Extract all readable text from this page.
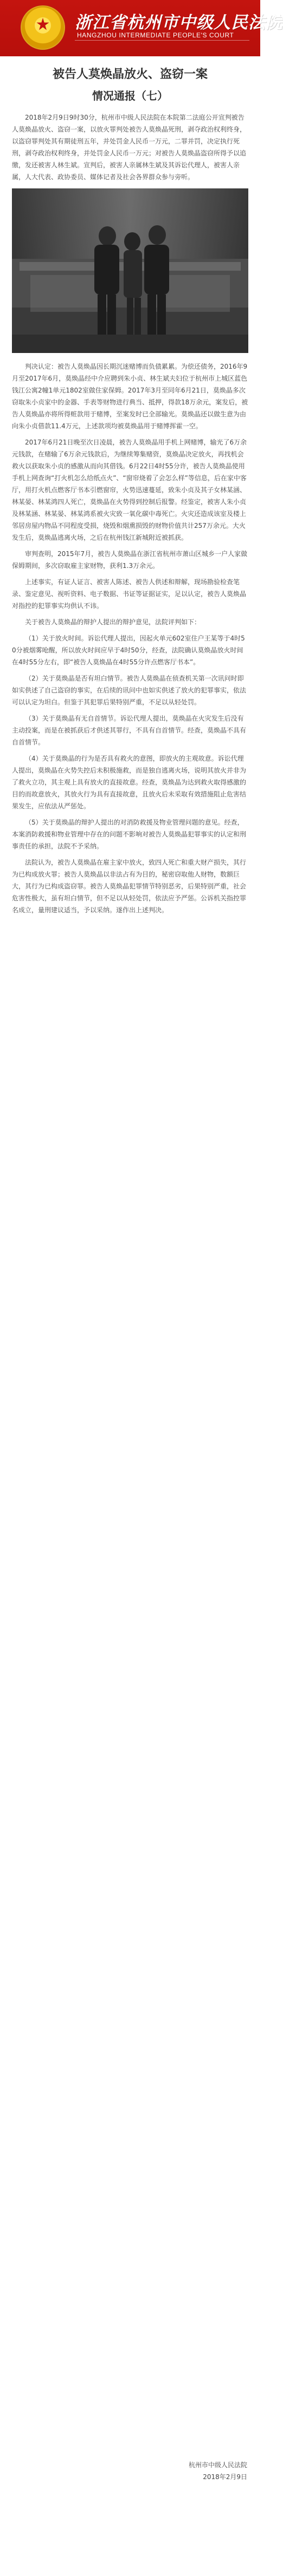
浙江省杭州市中级人民法院
HANGZHOU INTERMEDIATE PEOPLE'S COURT
被告人莫焕晶放火、盗窃一案
情况通报（七）

2018年2月9日9时30分，杭州市中级人民法院在本院第二法庭公开宣判被告人莫焕晶放火、盗窃一案，以放火罪判处被告人莫焕晶死刑，剥夺政治权利终身，以盗窃罪判处其有期徒刑五年，并处罚金人民币一万元，二罪并罚，决定执行死刑，剥夺政治权利终身，并处罚金人民币一万元；对被告人莫焕晶盗窃所得予以追缴，发还被害人林生斌。宣判后，被害人亲属林生斌及其诉讼代理人，被害人亲属，人大代表、政协委员、媒体记者及社会各界群众参与旁听。

判决认定：被告人莫焕晶因长期沉迷赌博而负债累累。为偿还债务，2016年9月至2017年6月，莫焕晶经中介应聘到朱小贞、林生斌夫妇位于杭州市上城区蓝色钱江公寓2幢1单元1802室做住家保姆。2017年3月至同年6月21日，莫焕晶多次窃取朱小贞家中的金器、手表等财物进行典当、抵押，得款18万余元，案发后，被告人莫焕晶亦将所得赃款用于赌博，至案发时已全部输光。莫焕晶还以做生意为由向朱小贞借款11.4万元，上述款项均被莫焕晶用于赌博挥霍一空。

2017年6月21日晚至次日凌晨，被告人莫焕晶用手机上网赌博，输光了6万余元钱款，在赌输了6万余元钱款后，为继续筹集赌资，莫焕晶决定放火，再找机会救火以获取朱小贞的感激从而向其借钱。6月22日4时55分许，被告人莫焕晶使用手机上网查询“打火机怎么给纸点火”、“窗帘烧着了会怎么样”等信息，后在家中客厅，用打火机点燃客厅书本引燃窗帘，火势迅速蔓延，致朱小贞及其子女林某涵、林某晏、林某鸿四人死亡，莫焕晶在火势得到控制后报警。经鉴定，被害人朱小贞及林某涵、林某晏、林某鸿系被火灾致一氧化碳中毒死亡。火灾还造成该室及楼上邻居房屋内物品不同程度受损，烧毁和烟熏损毁的财物价值共计257万余元。大火发生后，莫焕晶逃离火场，之后在杭州钱江新城附近被抓获。

审判查明，2015年7月，被告人莫焕晶在浙江省杭州市萧山区城乡一户人家做保姆期间，多次窃取雇主家财物，获利1.3万余元。

上述事实，有证人证言、被害人陈述、被告人供述和辩解，现场勘验检查笔录、鉴定意见、视听资料、电子数据、书证等证据证实，足以认定，被告人莫焕晶对指控的犯罪事实均供认不讳。

关于被告人莫焕晶的辩护人提出的辩护意见，法院评判如下：

（1）关于放火时间。诉讼代理人提出，因起火单元602室住户王某等于4时50分被烟雾呛醒，所以放火时间应早于4时50分，经查，法院确认莫焕晶放火时间在4时55分左右，即“被告人莫焕晶在4时55分许点燃客厅书本”。

（2）关于莫焕晶是否有坦白情节。被告人莫焕晶在侦查机关第一次讯问时即如实供述了自己盗窃的事实，在后续的讯问中也如实供述了放火的犯罪事实，依法可以认定为坦白。但鉴于其犯罪后果特别严重，不足以从轻处罚。

（3）关于莫焕晶有无自首情节。诉讼代理人提出，莫焕晶在火灾发生后没有主动投案，而是在被抓获后才供述其罪行，不具有自首情节。经查，莫焕晶不具有自首情节。

（4）关于莫焕晶的行为是否具有救火的意图，即放火的主观故意。诉讼代理人提出，莫焕晶在火势失控后未积极施救，而是独自逃离火场，说明其放火并非为了救火立功，其主观上具有放火的直接故意。经查，莫焕晶为达到救火取得感激的目的而故意放火，其放火行为具有直接故意，且放火后未采取有效措施阻止危害结果发生，应依法从严惩处。

（5）关于莫焕晶的辩护人提出的对消防救援及物业管理问题的意见。经查，本案消防救援和物业管理中存在的问题不影响对被告人莫焕晶犯罪事实的认定和刑事责任的承担，法院不予采纳。

法院认为，被告人莫焕晶在雇主家中放火，致四人死亡和重大财产损失，其行为已构成放火罪；被告人莫焕晶以非法占有为目的，秘密窃取他人财物，数额巨大，其行为已构成盗窃罪。被告人莫焕晶犯罪情节特别恶劣，后果特别严重，社会危害性极大，虽有坦白情节，但不足以从轻处罚，依法应予严惩。公诉机关指控罪名成立，量刑建议适当，予以采纳。遂作出上述判决。

杭州市中级人民法院
2018年2月9日
